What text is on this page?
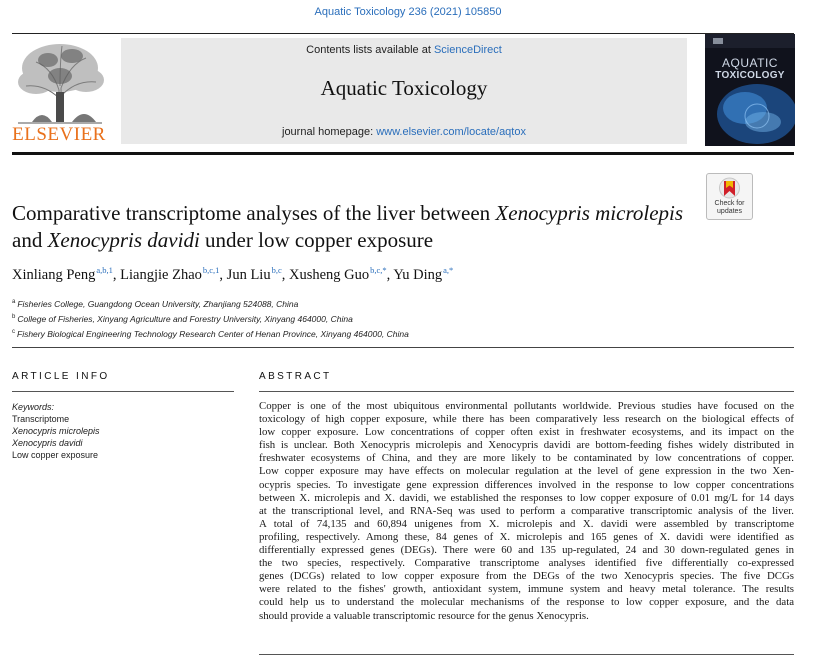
Aquatic Toxicology 236 (2021) 105850
ELSEVIER
Contents lists available at ScienceDirect
Aquatic Toxicology
journal homepage: www.elsevier.com/locate/aqtox
AQUATIC
TOXICOLOGY
Comparative transcriptome analyses of the liver between Xenocypris microlepis and Xenocypris davidi under low copper exposure
Check for
updates
Xinliang Peng$^{a,b,1}$, Liangjie Zhao$^{b,c,1}$, Jun Liu$^{b,c}$, Xusheng Guo$^{b,c,*}$, Yu Ding$^{a,*}$
$^a$ Fisheries College, Guangdong Ocean University, Zhanjiang 524088, China
$^b$ College of Fisheries, Xinyang Agriculture and Forestry University, Xinyang 464000, China
$^c$ Fishery Biological Engineering Technology Research Center of Henan Province, Xinyang 464000, China
ARTICLE INFO	ABSTRACT
Keywords:
Transcriptome
Xenocypris microlepis
Xenocypris davidi
Low copper exposure
Copper is one of the most ubiquitous environmental pollutants worldwide. Previous studies have focused on the
toxicology of high copper exposure, while there has been comparatively less research on the biological effects of
low copper exposure. Low concentrations of copper often exist in freshwater ecosystems, and its impact on the
fish is unclear. Both Xenocypris microlepis and Xenocypris davidi are bottom-feeding fishes widely distributed in
freshwater ecosystems of China, and they are more likely to be contaminated by low concentrations of copper.
Low copper exposure may have effects on molecular regulation at the level of gene expression in the two Xen-
ocypris species. To investigate gene expression differences involved in the response to low copper concentrations
between X. microlepis and X. davidi, we established the responses to low copper exposure of 0.01 mg/L for 14 days
at the transcriptional level, and RNA-Seq was used to perform a comparative transcriptomic analysis of the liver.
A total of 74,135 and 60,894 unigenes from X. microlepis and X. davidi were assembled by transcriptome
profiling, respectively. Among these, 84 genes of X. microlepis and 165 genes of X. davidi were identified as
differentially expressed genes (DEGs). There were 60 and 135 up-regulated, 24 and 30 down-regulated genes in
the two species, respectively. Comparative transcriptome analyses identified five differentially co-expressed
genes (DCGs) related to low copper exposure from the DEGs of the two Xenocypris species. The five DCGs
were related to the fishes' growth, antioxidant system, immune system and heavy metal tolerance. The results
could help us to understand the molecular mechanisms of the response to low copper exposure, and the data
should provide a valuable transcriptomic resource for the genus Xenocypris.
